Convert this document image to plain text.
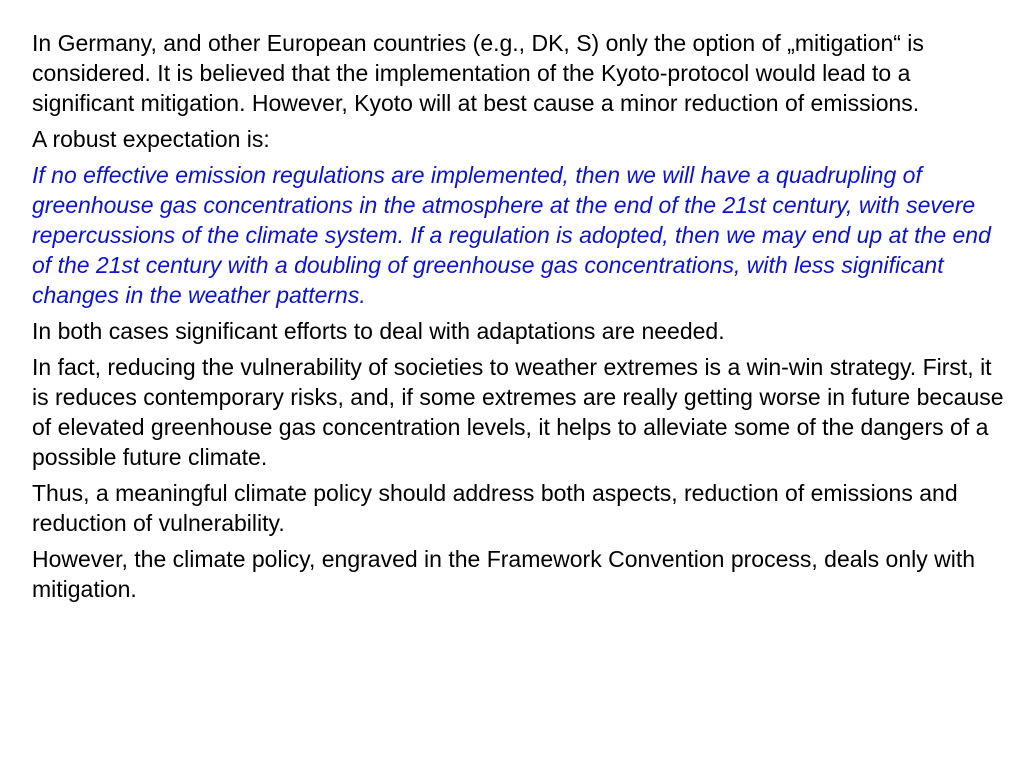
In Germany, and other European countries (e.g., DK, S) only the option of „mitigation“ is considered. It is believed that the implementation of the Kyoto-protocol would lead to a significant mitigation. However, Kyoto will at best cause a minor reduction of emissions.

A robust expectation is:

If no effective emission regulations are implemented, then we will have a quadrupling of greenhouse gas concentrations in the atmosphere at the end of the 21st century, with severe repercussions of the climate system. If a regulation is adopted, then we may end up at the end of the 21st century with a doubling of greenhouse gas concentrations, with less significant changes in the weather patterns.

In both cases significant efforts to deal with adaptations are needed.

In fact, reducing the vulnerability of societies to weather extremes is a win-win strategy. First, it is reduces contemporary risks, and, if some extremes are really getting worse in future because of elevated greenhouse gas concentration levels, it helps to alleviate some of the dangers of a possible future climate.

Thus, a meaningful climate policy should address both aspects, reduction of emissions and reduction of vulnerability.

However, the climate policy, engraved in the Framework Convention process, deals only with mitigation.
